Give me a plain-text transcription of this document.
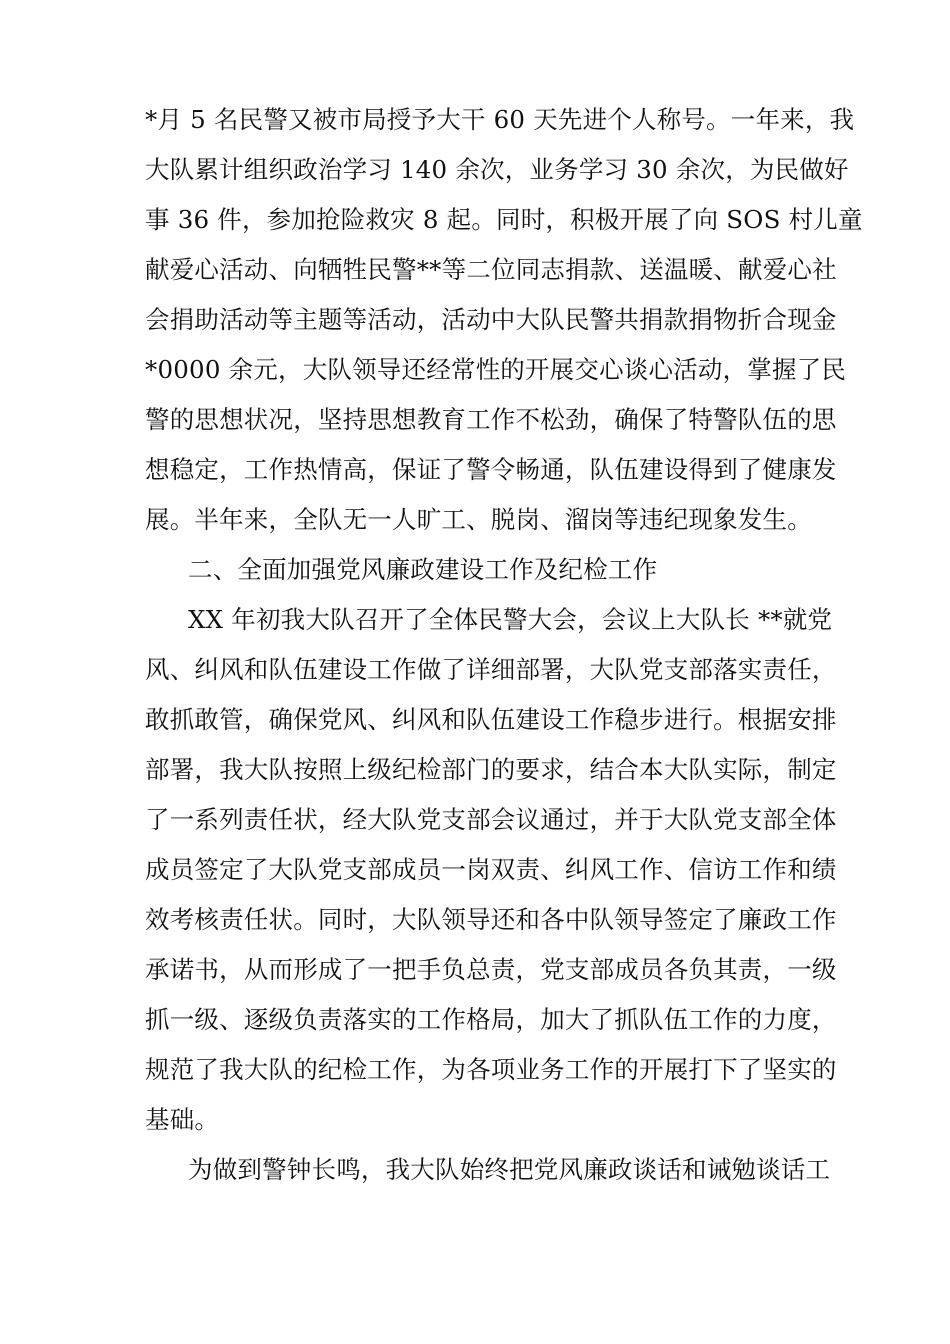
*月 5 名民警又被市局授予大干 60 天先进个人称号。一年来，我
大队累计组织政治学习 140 余次，业务学习 30 余次，为民做好
事 36 件，参加抢险救灾 8 起。同时，积极开展了向 SOS 村儿童
献爱心活动、向牺牲民警**等二位同志捐款、送温暖、献爱心社
会捐助活动等主题等活动，活动中大队民警共捐款捐物折合现金
*0000 余元，大队领导还经常性的开展交心谈心活动，掌握了民
警的思想状况，坚持思想教育工作不松劲，确保了特警队伍的思
想稳定，工作热情高，保证了警令畅通，队伍建设得到了健康发
展。半年来，全队无一人旷工、脱岗、溜岗等违纪现象发生。
二、全面加强党风廉政建设工作及纪检工作
XX 年初我大队召开了全体民警大会，会议上大队长 **就党
风、纠风和队伍建设工作做了详细部署，大队党支部落实责任，
敢抓敢管，确保党风、纠风和队伍建设工作稳步进行。根据安排
部署，我大队按照上级纪检部门的要求，结合本大队实际，制定
了一系列责任状，经大队党支部会议通过，并于大队党支部全体
成员签定了大队党支部成员一岗双责、纠风工作、信访工作和绩
效考核责任状。同时，大队领导还和各中队领导签定了廉政工作
承诺书，从而形成了一把手负总责，党支部成员各负其责，一级
抓一级、逐级负责落实的工作格局，加大了抓队伍工作的力度，
规范了我大队的纪检工作，为各项业务工作的开展打下了坚实的
基础。
为做到警钟长鸣，我大队始终把党风廉政谈话和诫勉谈话工
